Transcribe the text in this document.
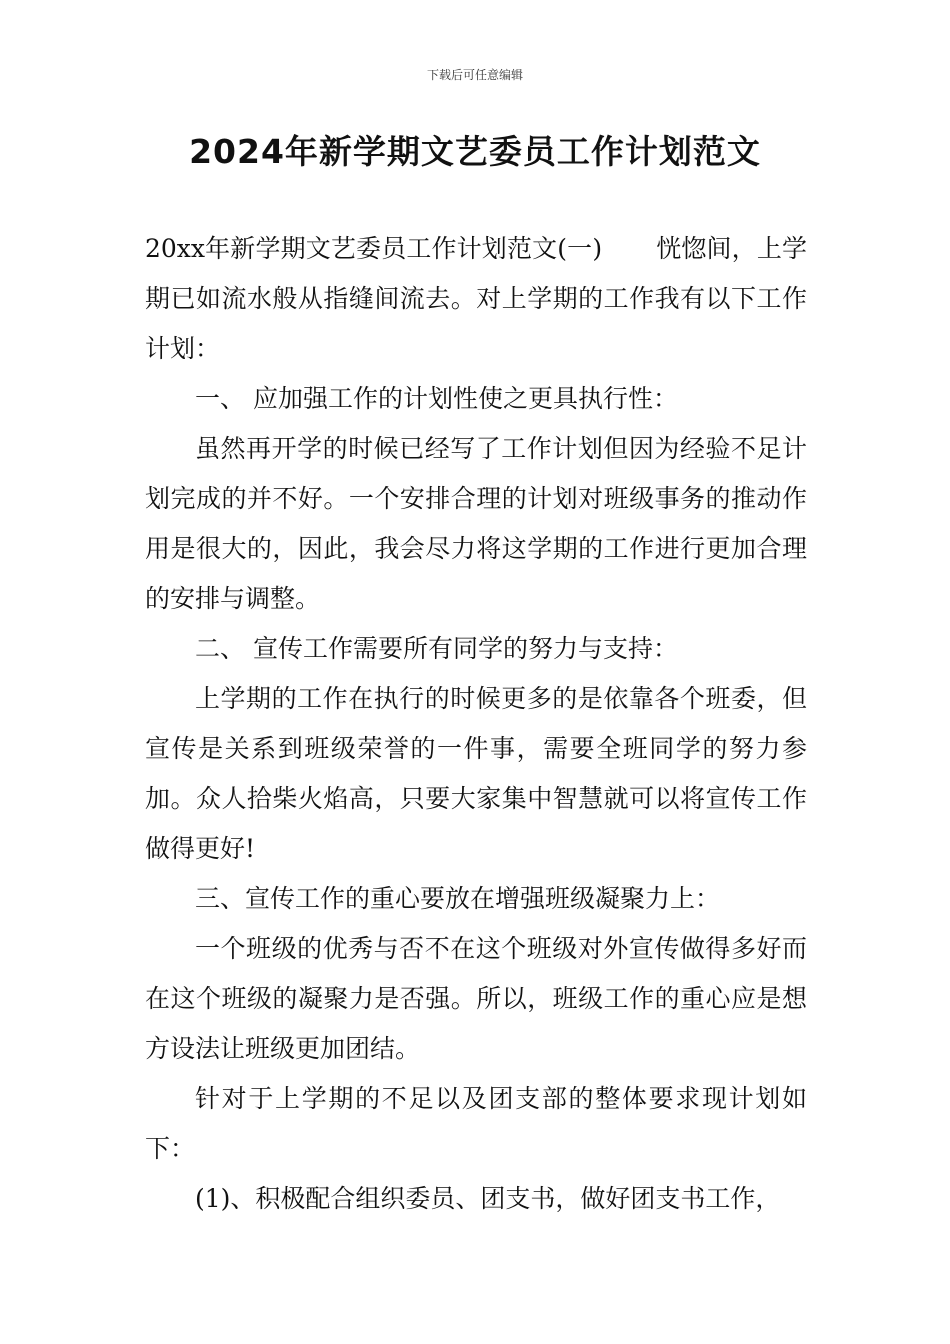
下载后可任意编辑
2024年新学期文艺委员工作计划范文

20xx年新学期文艺委员工作计划范文(一) 恍惚间，上学期已如流水般从指缝间流去。对上学期的工作我有以下工作计划：

一、 应加强工作的计划性使之更具执行性：

虽然再开学的时候已经写了工作计划但因为经验不足计划完成的并不好。一个安排合理的计划对班级事务的推动作用是很大的，因此，我会尽力将这学期的工作进行更加合理的安排与调整。

二、 宣传工作需要所有同学的努力与支持：

上学期的工作在执行的时候更多的是依靠各个班委，但宣传是关系到班级荣誉的一件事，需要全班同学的努力参加。众人拾柴火焰高，只要大家集中智慧就可以将宣传工作做得更好!

三、宣传工作的重心要放在增强班级凝聚力上：

一个班级的优秀与否不在这个班级对外宣传做得多好而在这个班级的凝聚力是否强。所以，班级工作的重心应是想方设法让班级更加团结。

针对于上学期的不足以及团支部的整体要求现计划如下：

(1)、积极配合组织委员、团支书，做好团支书工作，
